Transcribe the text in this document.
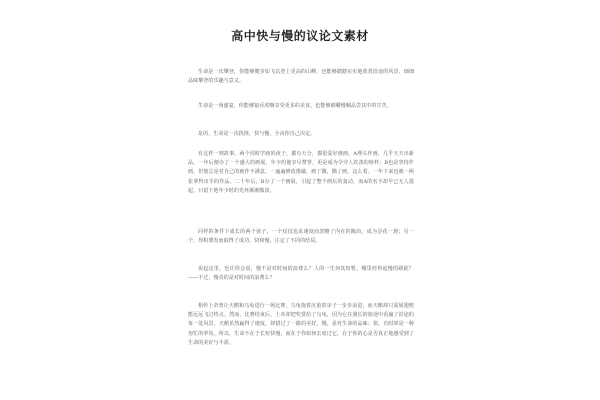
高中快与慢的议论文素材

生命是一次攀登，你能够健步如飞以登上更高的山峰，也能够踏踏实实地欣赏沿途的风景，细细品味攀登的乐趣与意义。

生命是一场盛宴，你能够狼吞虎咽享受更多的美食，也能够细嚼慢咽品尝其中的甘苦。

是的，生命是一次抉择，快与慢，全由你自己决定。

有这样一则故事，两个同时学画的孩子，都有天分，都很爱好画画。A埋头作画，几乎天天出新品，一年后便办了一个盛大的画展，年少的他享尽赞誉，更是成为令旁人钦羡的榜样；B也是坚持作画，但他总是对自己的画作不满意，一遍遍修改推敲，画了撕，撕了画，这么着，一年下来也就一两张拿得出手的作品。二十年后，B办了一个画展，引起了整个画坛的轰动，而A的名字却早已无人提起，只留下他年少时的光环渐渐黯淡。

同样的条件下成长的两个孩子，一个仅仅追求速度而忽略了内在的陶冶，成为昙花一现；另一个，厚积薄发而取得了成功。快和慢，注定了不同的结局。

说起这里，也许你会说，慢不是对时间的浪费么？人的一生何其短暂，哪里经得起慢的蹉跎？——不过，慢真的是对时间的浪费么？

相传上帝曾让天鹅和乌龟进行一场比赛，乌龟拖着沉重的步子一步步前进，而天鹅却只需展翅便能远远飞过终点。然而，比赛结束后，上帝却把奖赏给了乌龟，因为它在漫长的旅途中看遍了沿途的每一处风景，天鹅虽然赢得了速度，却错过了一路的美好。慢，是对生命的品味；快，有时却是一种匆忙的辜负。所以，生命不在于长短快慢，而在于你如何去度过它，在于你的心是否真正地感受到了生命的美好与丰盈。
